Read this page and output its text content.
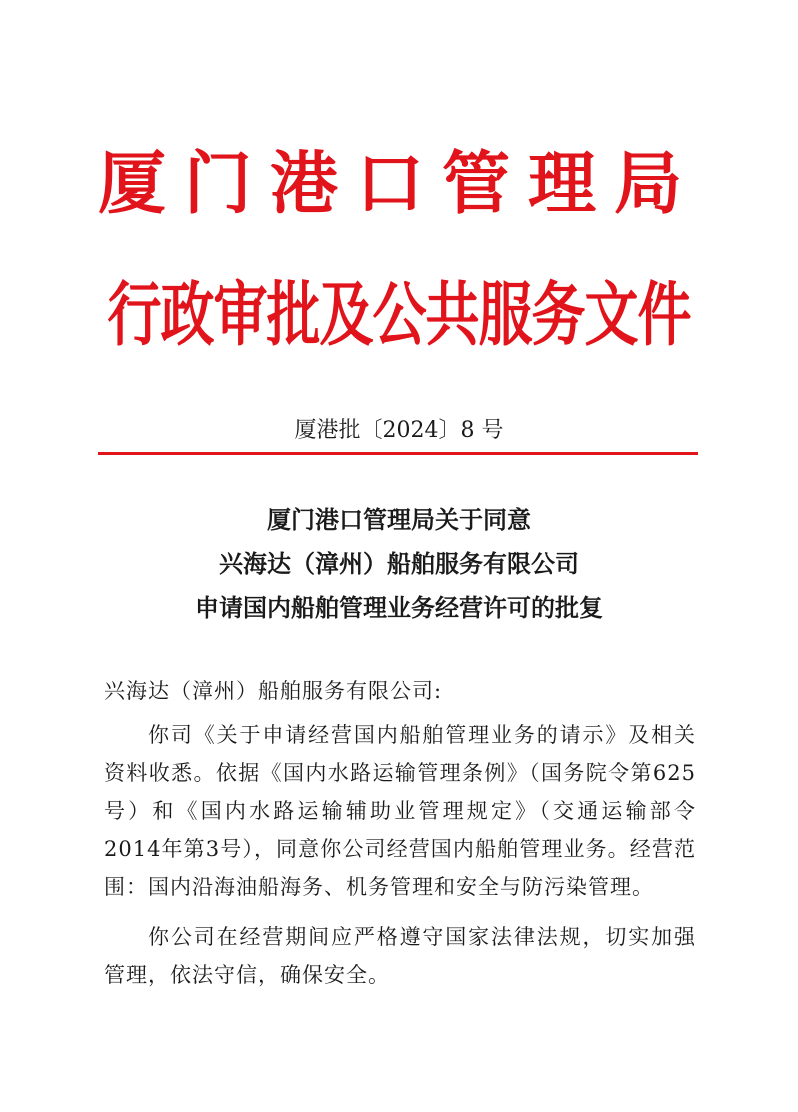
厦门港口管理局
行政审批及公共服务文件
厦港批〔2024〕8 号
厦门港口管理局关于同意
兴海达（漳州）船舶服务有限公司
申请国内船舶管理业务经营许可的批复

兴海达（漳州）船舶服务有限公司:

你司《关于申请经营国内船舶管理业务的请示》及相关资料收悉。依据《国内水路运输管理条例》（国务院令第625号）和《国内水路运输辅助业管理规定》（交通运输部令2014年第3号），同意你公司经营国内船舶管理业务。经营范围：国内沿海油船海务、机务管理和安全与防污染管理。

你公司在经营期间应严格遵守国家法律法规，切实加强管理，依法守信，确保安全。
